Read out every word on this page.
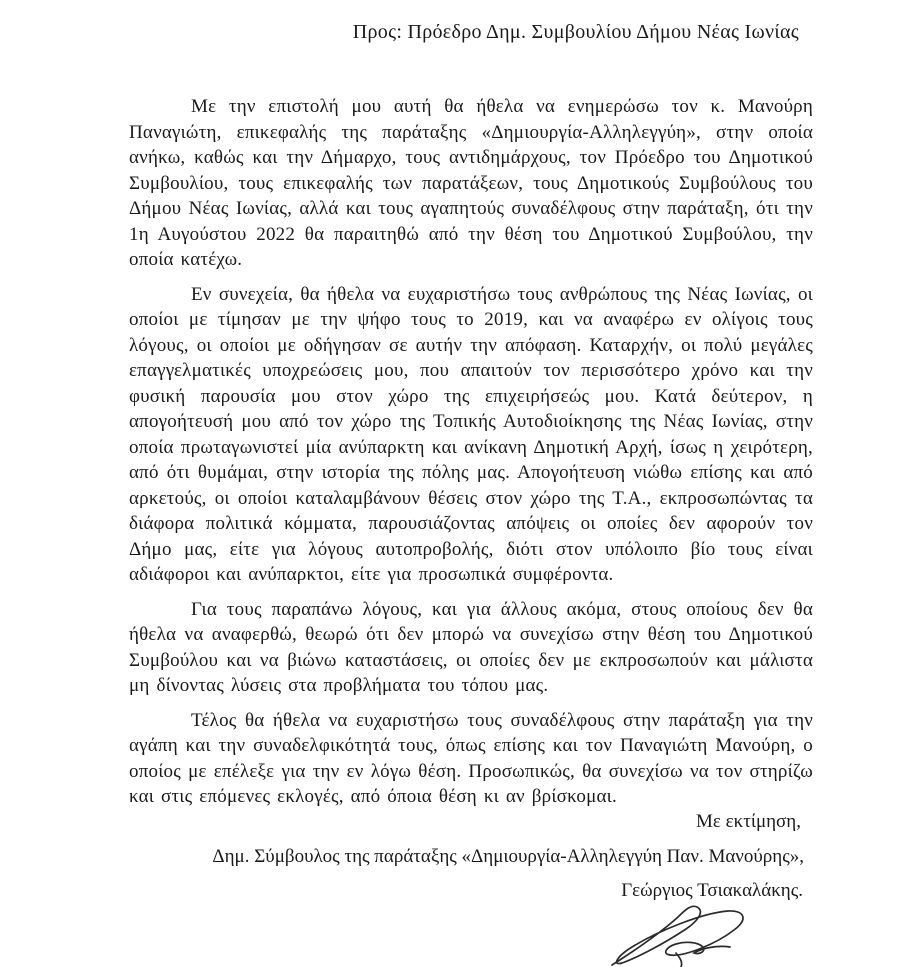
Προς: Πρόεδρο Δημ. Συμβουλίου Δήμου Νέας Ιωνίας

Με την επιστολή μου αυτή θα ήθελα να ενημερώσω τον κ. Μανούρη Παναγιώτη, επικεφαλής της παράταξης «Δημιουργία-Αλληλεγγύη», στην οποία ανήκω, καθώς και την Δήμαρχο, τους αντιδημάρχους, τον Πρόεδρο του Δημοτικού Συμβουλίου, τους επικεφαλής των παρατάξεων, τους Δημοτικούς Συμβούλους του Δήμου Νέας Ιωνίας, αλλά και τους αγαπητούς συναδέλφους στην παράταξη, ότι την 1η Αυγούστου 2022 θα παραιτηθώ από την θέση του Δημοτικού Συμβούλου, την οποία κατέχω.

Εν συνεχεία, θα ήθελα να ευχαριστήσω τους ανθρώπους της Νέας Ιωνίας, οι οποίοι με τίμησαν με την ψήφο τους το 2019, και να αναφέρω εν ολίγοις τους λόγους, οι οποίοι με οδήγησαν σε αυτήν την απόφαση. Καταρχήν, οι πολύ μεγάλες επαγγελματικές υποχρεώσεις μου, που απαιτούν τον περισσότερο χρόνο και την φυσική παρουσία μου στον χώρο της επιχειρήσεώς μου. Κατά δεύτερον, η απογοήτευσή μου από τον χώρο της Τοπικής Αυτοδιοίκησης της Νέας Ιωνίας, στην οποία πρωταγωνιστεί μία ανύπαρκτη και ανίκανη Δημοτική Αρχή, ίσως η χειρότερη, από ότι θυμάμαι, στην ιστορία της πόλης μας. Απογοήτευση νιώθω επίσης και από αρκετούς, οι οποίοι καταλαμβάνουν θέσεις στον χώρο της Τ.Α., εκπροσωπώντας τα διάφορα πολιτικά κόμματα, παρουσιάζοντας απόψεις οι οποίες δεν αφορούν τον Δήμο μας, είτε για λόγους αυτοπροβολής, διότι στον υπόλοιπο βίο τους είναι αδιάφοροι και ανύπαρκτοι, είτε για προσωπικά συμφέροντα.

Για τους παραπάνω λόγους, και για άλλους ακόμα, στους οποίους δεν θα ήθελα να αναφερθώ, θεωρώ ότι δεν μπορώ να συνεχίσω στην θέση του Δημοτικού Συμβούλου και να βιώνω καταστάσεις, οι οποίες δεν με εκπροσωπούν και μάλιστα μη δίνοντας λύσεις στα προβλήματα του τόπου μας.

Τέλος θα ήθελα να ευχαριστήσω τους συναδέλφους στην παράταξη για την αγάπη και την συναδελφικότητά τους, όπως επίσης και τον Παναγιώτη Μανούρη, ο οποίος με επέλεξε για την εν λόγω θέση. Προσωπικώς, θα συνεχίσω να τον στηρίζω και στις επόμενες εκλογές, από όποια θέση κι αν βρίσκομαι.

Με εκτίμηση,
Δημ. Σύμβουλος της παράταξης «Δημιουργία-Αλληλεγγύη Παν. Μανούρης»,
Γεώργιος Τσιακαλάκης.
